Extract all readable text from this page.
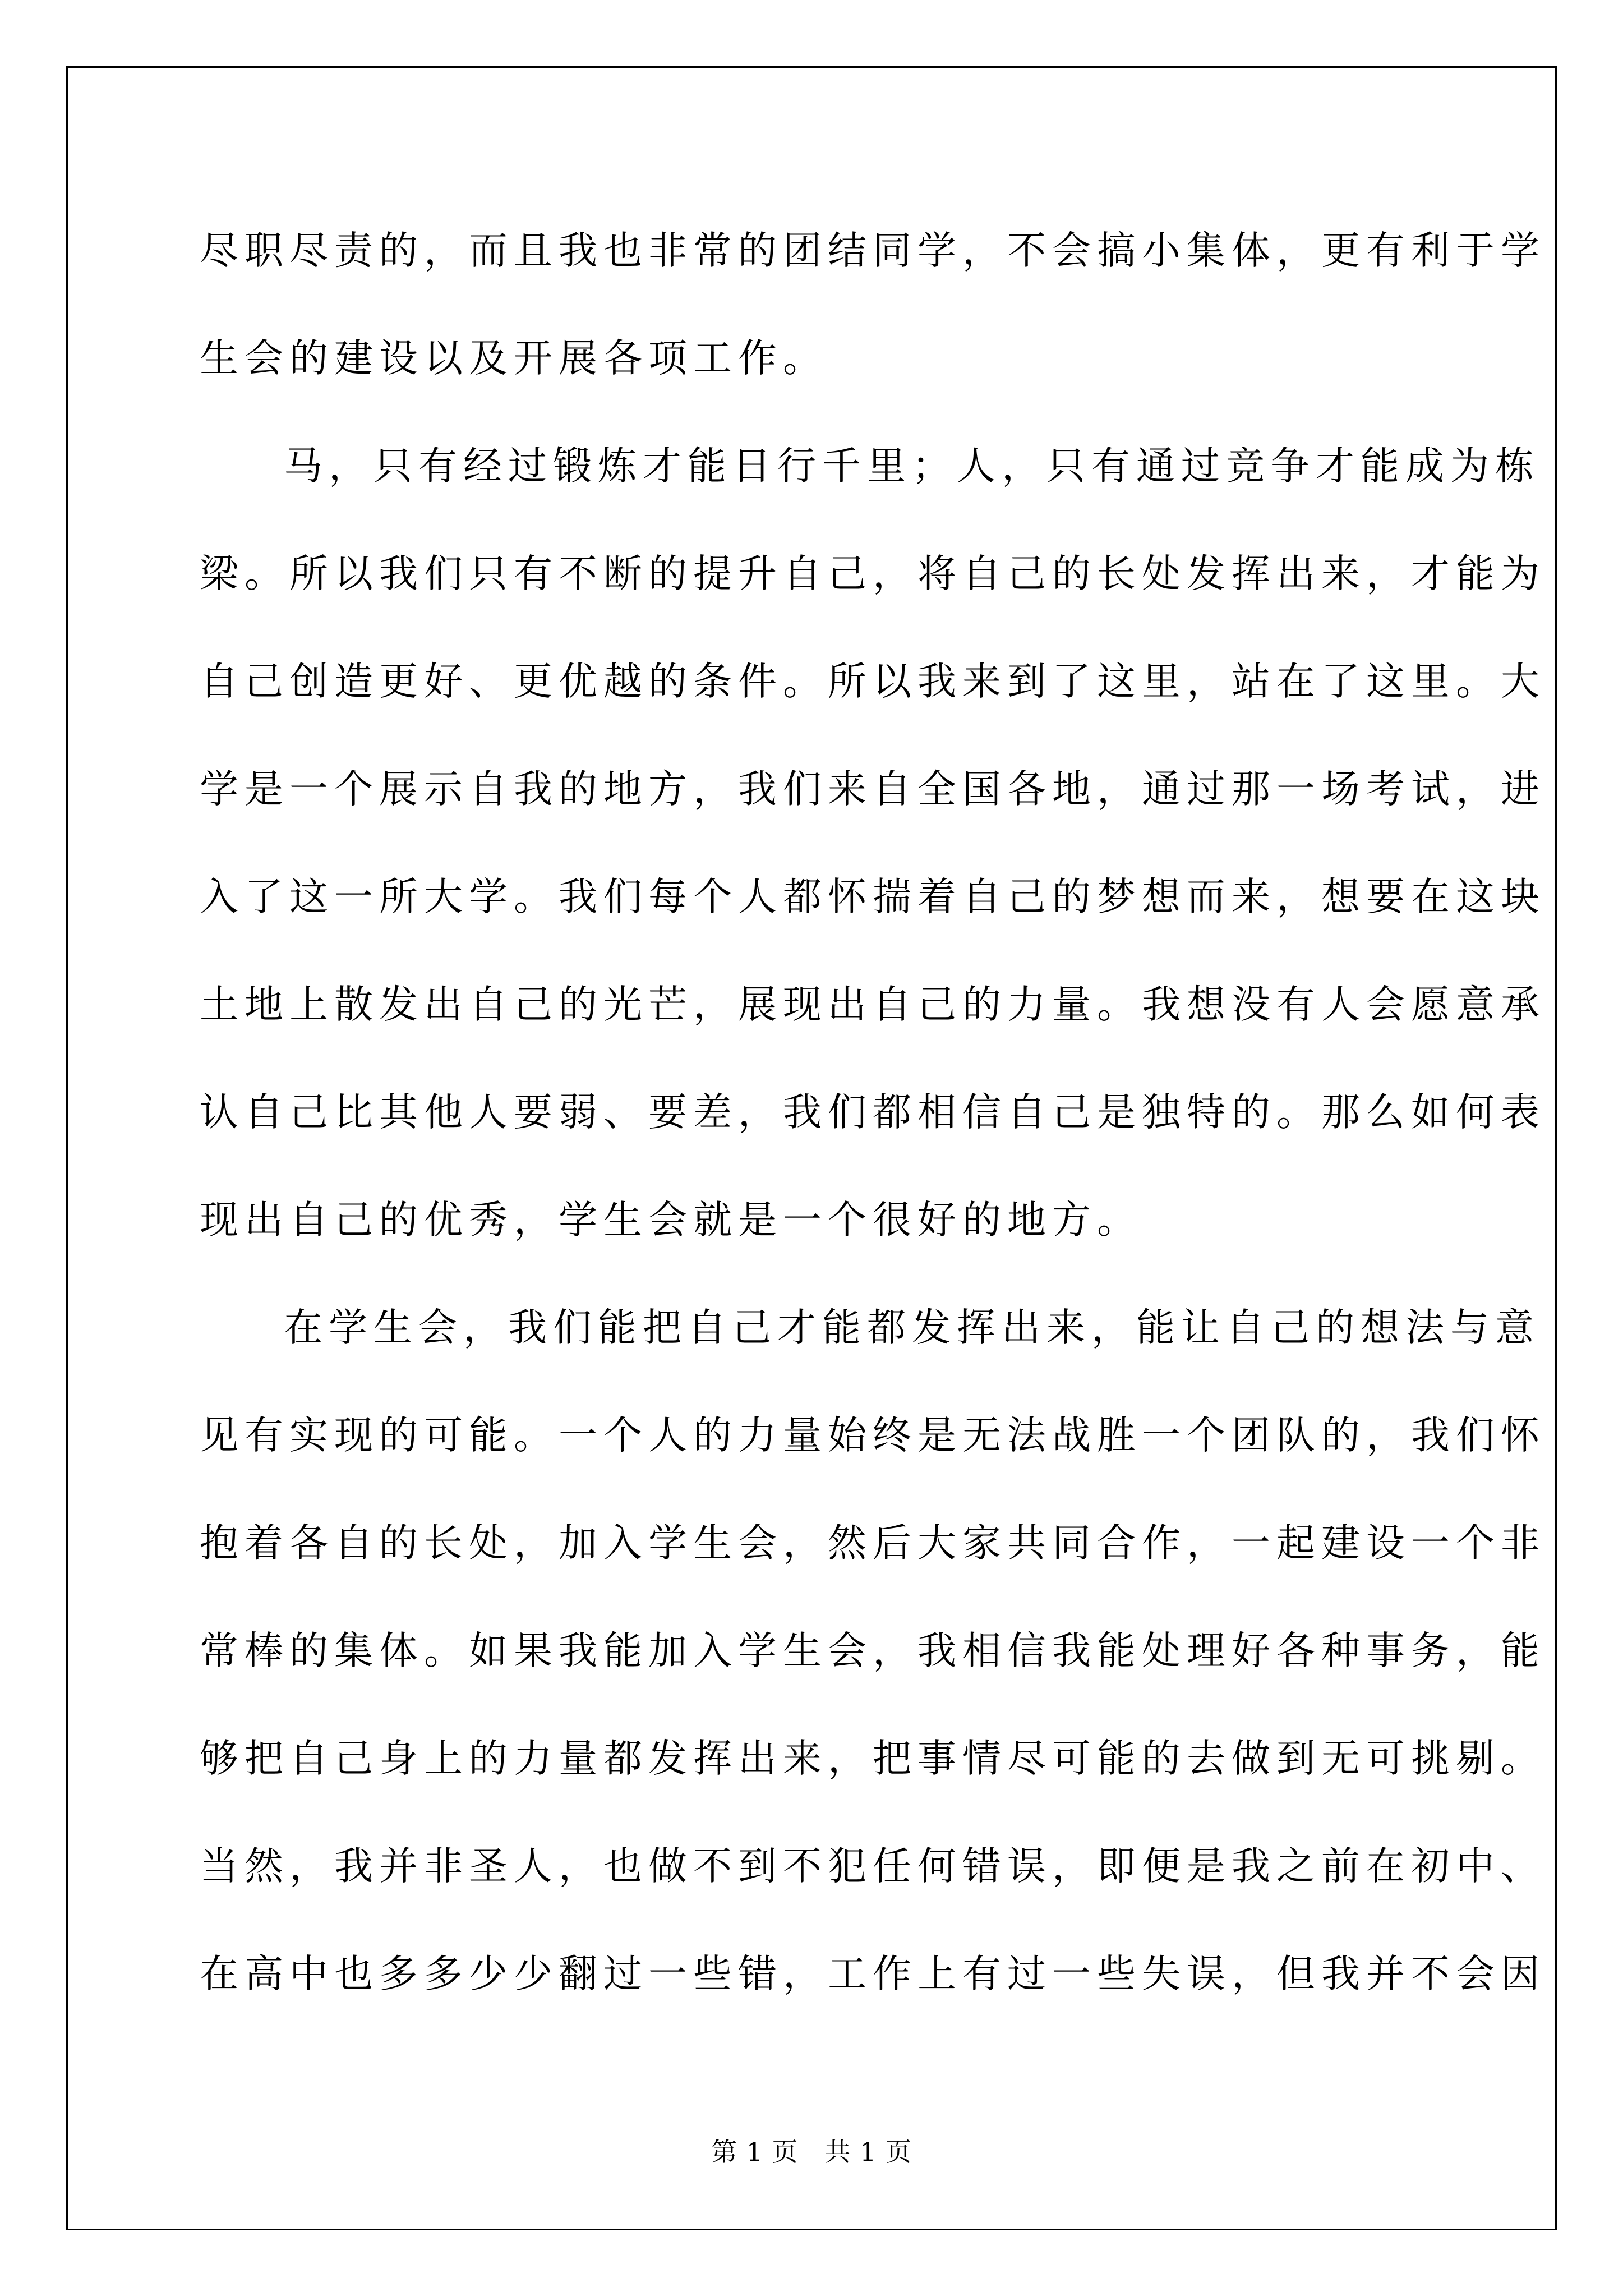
尽职尽责的，而且我也非常的团结同学，不会搞小集体，更有利于学
生会的建设以及开展各项工作。
马，只有经过锻炼才能日行千里；人，只有通过竞争才能成为栋
梁。所以我们只有不断的提升自己，将自己的长处发挥出来，才能为
自己创造更好、更优越的条件。所以我来到了这里，站在了这里。大
学是一个展示自我的地方，我们来自全国各地，通过那一场考试，进
入了这一所大学。我们每个人都怀揣着自己的梦想而来，想要在这块
土地上散发出自己的光芒，展现出自己的力量。我想没有人会愿意承
认自己比其他人要弱、要差，我们都相信自己是独特的。那么如何表
现出自己的优秀，学生会就是一个很好的地方。
在学生会，我们能把自己才能都发挥出来，能让自己的想法与意
见有实现的可能。一个人的力量始终是无法战胜一个团队的，我们怀
抱着各自的长处，加入学生会，然后大家共同合作，一起建设一个非
常棒的集体。如果我能加入学生会，我相信我能处理好各种事务，能
够把自己身上的力量都发挥出来，把事情尽可能的去做到无可挑剔。
当然，我并非圣人，也做不到不犯任何错误，即便是我之前在初中、
在高中也多多少少翻过一些错，工作上有过一些失误，但我并不会因
第 1 页　共 1 页
